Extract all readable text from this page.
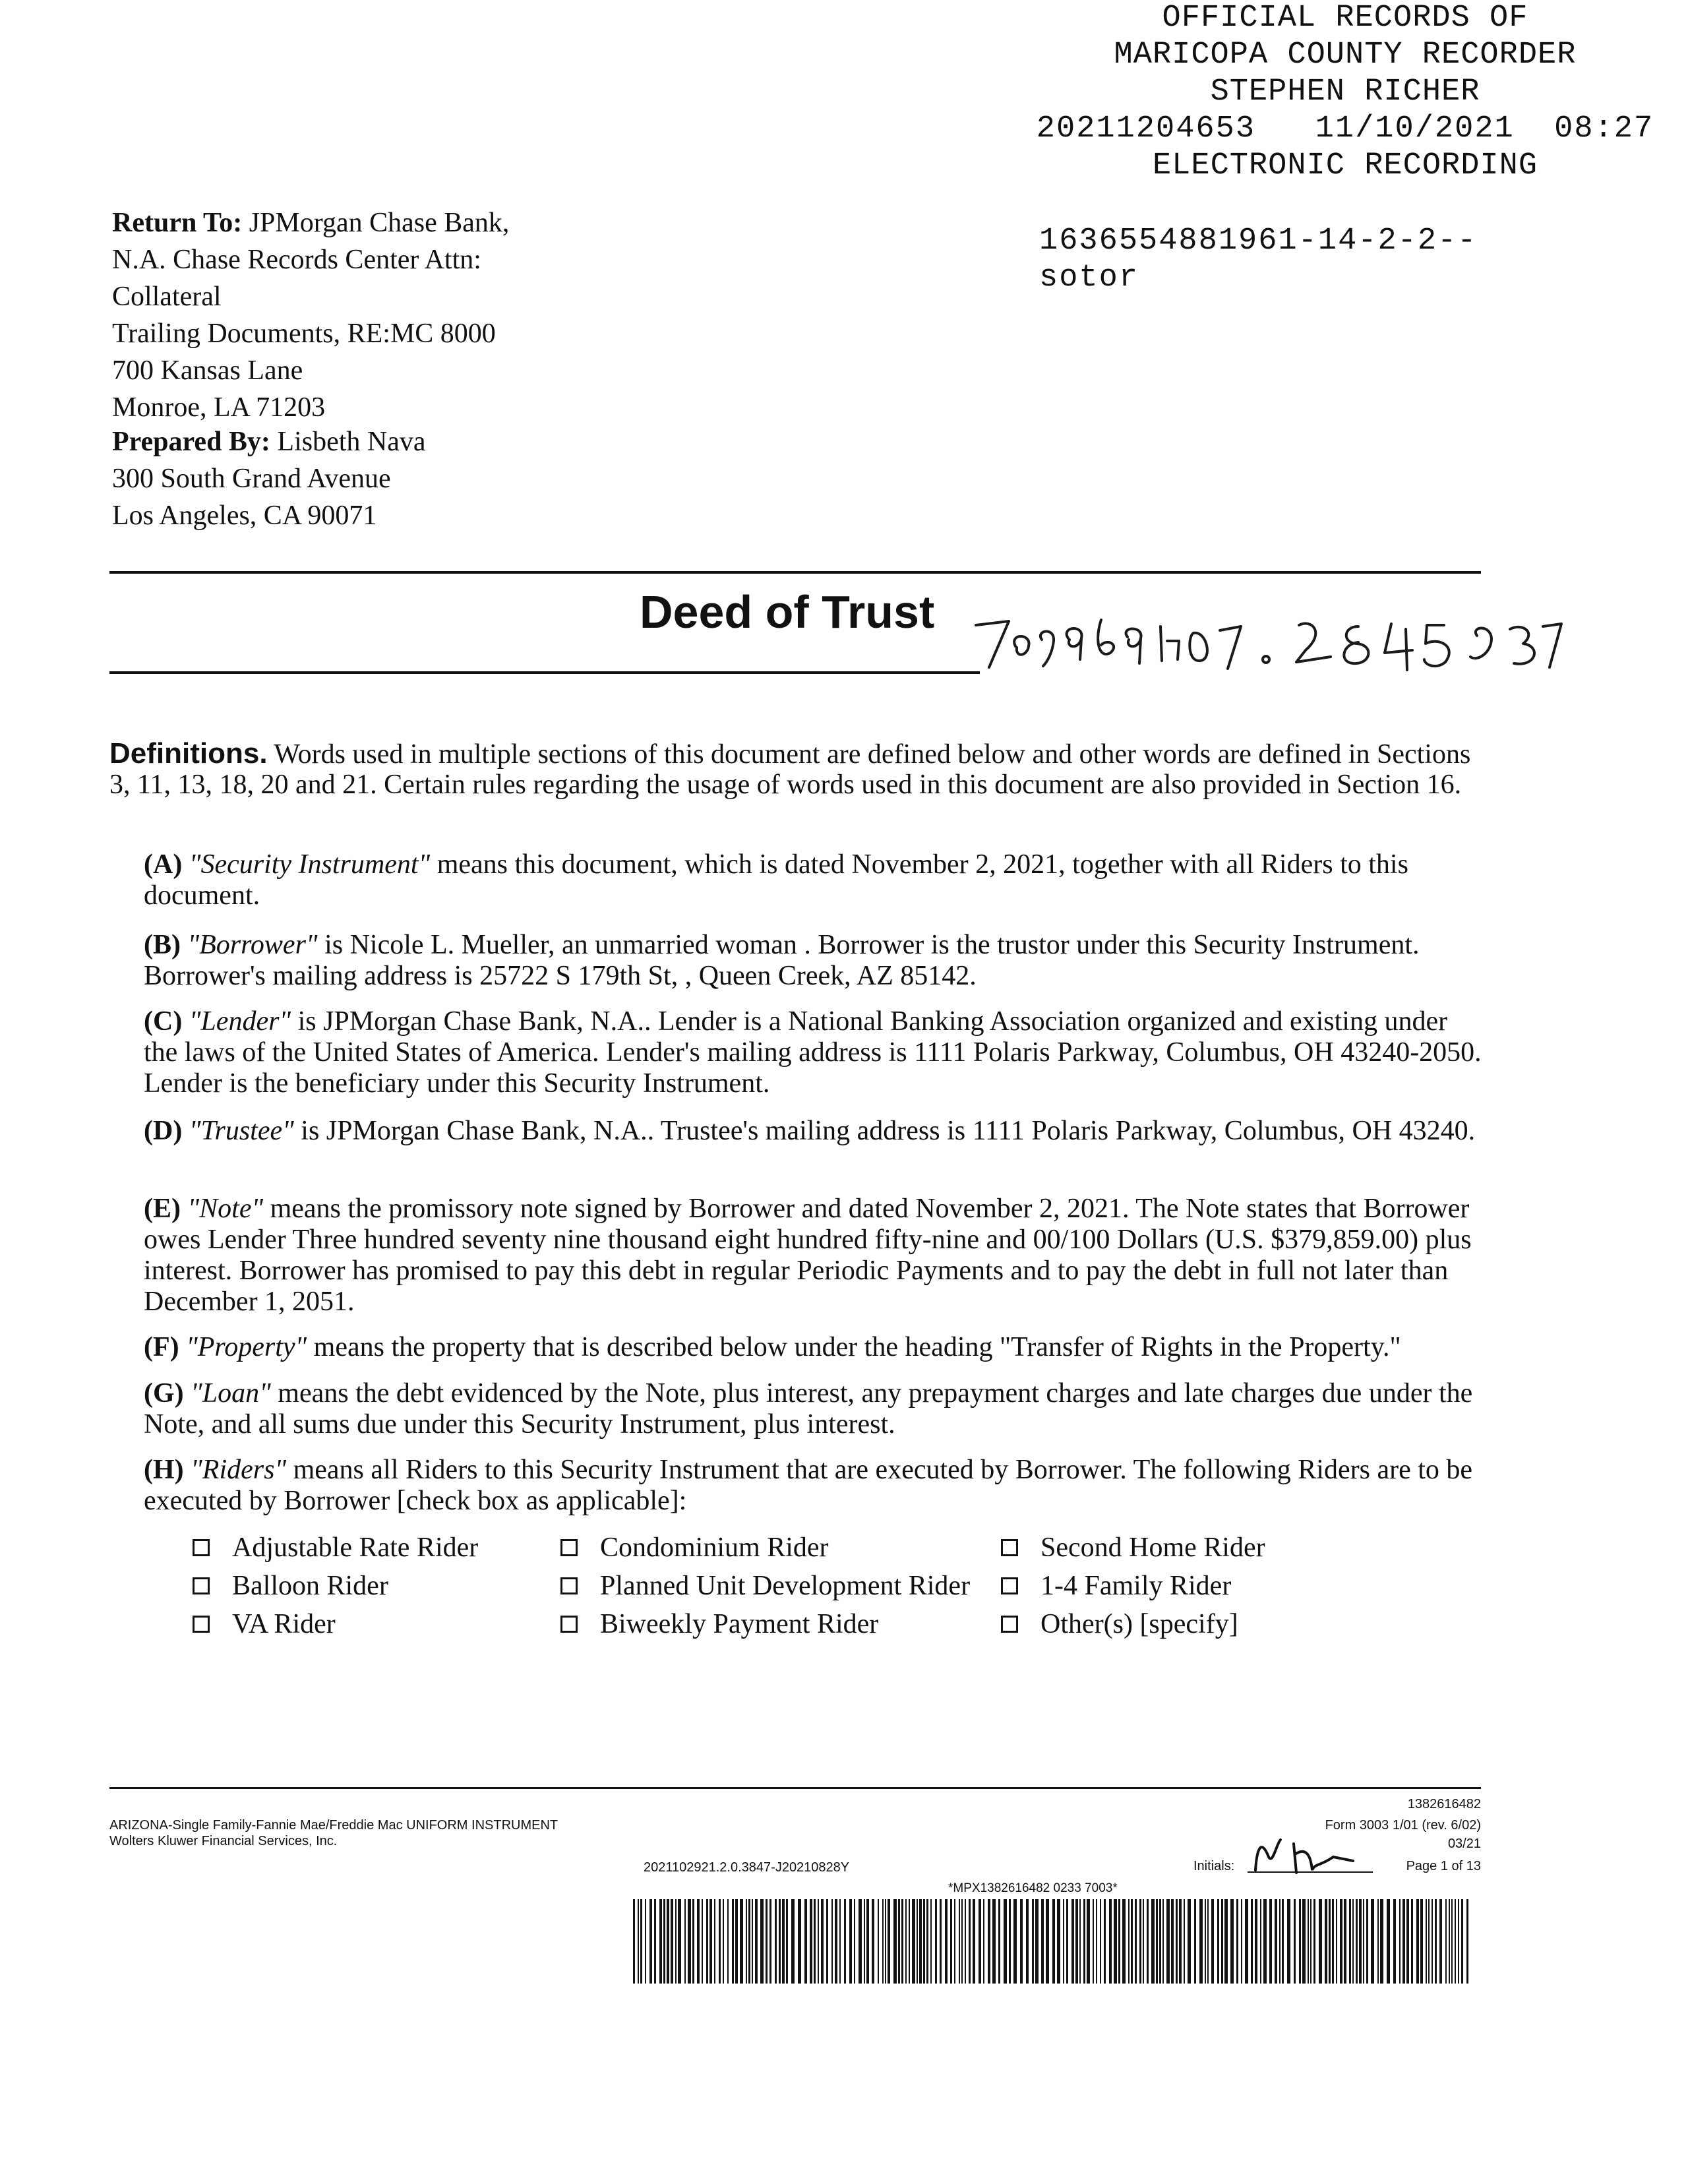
OFFICIAL RECORDS OF
MARICOPA COUNTY RECORDER
STEPHEN RICHER
20211204653 11/10/2021 08:27
ELECTRONIC RECORDING
1636554881961-14-2-2--
sotor
Return To: JPMorgan Chase Bank,
N.A. Chase Records Center Attn:
Collateral
Trailing Documents, RE:MC 8000
700 Kansas Lane
Monroe, LA 71203
Prepared By: Lisbeth Nava
300 South Grand Avenue
Los Angeles, CA 90071
Deed of Trust
Definitions. Words used in multiple sections of this document are defined below and other words are defined in Sections 3, 11, 13, 18, 20 and 21. Certain rules regarding the usage of words used in this document are also provided in Section 16.
(A) "Security Instrument" means this document, which is dated November 2, 2021, together with all Riders to this document.
(B) "Borrower" is Nicole L. Mueller, an unmarried woman . Borrower is the trustor under this Security Instrument. Borrower's mailing address is 25722 S 179th St, , Queen Creek, AZ 85142.
(C) "Lender" is JPMorgan Chase Bank, N.A.. Lender is a National Banking Association organized and existing under the laws of the United States of America. Lender's mailing address is 1111 Polaris Parkway, Columbus, OH 43240-2050. Lender is the beneficiary under this Security Instrument.
(D) "Trustee" is JPMorgan Chase Bank, N.A.. Trustee's mailing address is 1111 Polaris Parkway, Columbus, OH 43240.
(E) "Note" means the promissory note signed by Borrower and dated November 2, 2021. The Note states that Borrower owes Lender Three hundred seventy nine thousand eight hundred fifty-nine and 00/100 Dollars (U.S. $379,859.00) plus interest. Borrower has promised to pay this debt in regular Periodic Payments and to pay the debt in full not later than December 1, 2051.
(F) "Property" means the property that is described below under the heading "Transfer of Rights in the Property."
(G) "Loan" means the debt evidenced by the Note, plus interest, any prepayment charges and late charges due under the Note, and all sums due under this Security Instrument, plus interest.
(H) "Riders" means all Riders to this Security Instrument that are executed by Borrower. The following Riders are to be executed by Borrower [check box as applicable]:
Adjustable Rate Rider	Condominium Rider	Second Home Rider
Balloon Rider	Planned Unit Development Rider	1-4 Family Rider
VA Rider	Biweekly Payment Rider	Other(s) [specify]
ARIZONA-Single Family-Fannie Mae/Freddie Mac UNIFORM INSTRUMENT
Wolters Kluwer Financial Services, Inc.
2021102921.2.0.3847-J20210828Y
1382616482
Form 3003 1/01 (rev. 6/02)
03/21
Initials:	Page 1 of 13
*MPX1382616482 0233 7003*
